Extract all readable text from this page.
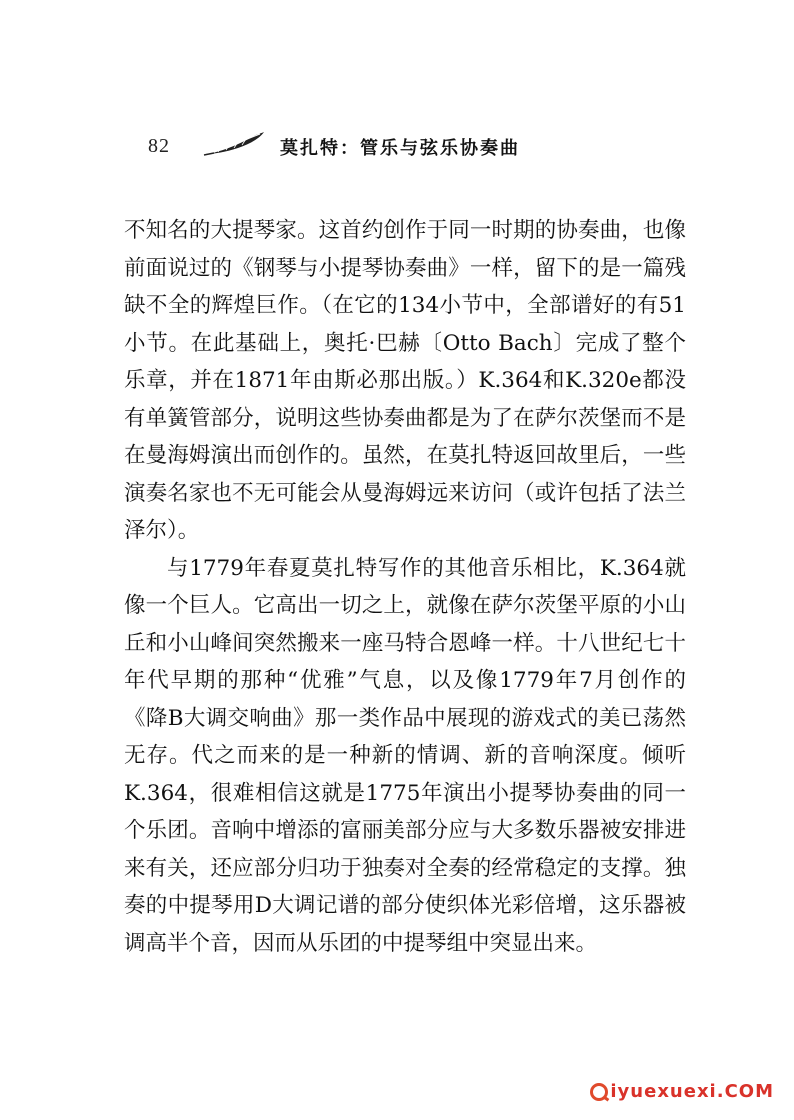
82	莫扎特：管乐与弦乐协奏曲

不知名的大提琴家。这首约创作于同一时期的协奏曲，也像前面说过的《钢琴与小提琴协奏曲》一样，留下的是一篇残缺不全的辉煌巨作。（在它的134小节中，全部谱好的有51小节。在此基础上，奥托·巴赫〔Otto Bach〕完成了整个乐章，并在1871年由斯必那出版。）K.364和K.320e都没有单簧管部分，说明这些协奏曲都是为了在萨尔茨堡而不是在曼海姆演出而创作的。虽然，在莫扎特返回故里后，一些演奏名家也不无可能会从曼海姆远来访问（或许包括了法兰泽尔）。

与1779年春夏莫扎特写作的其他音乐相比，K.364就像一个巨人。它高出一切之上，就像在萨尔茨堡平原的小山丘和小山峰间突然搬来一座马特合恩峰一样。十八世纪七十年代早期的那种“优雅”气息，以及像1779年7月创作的《降B大调交响曲》那一类作品中展现的游戏式的美已荡然无存。代之而来的是一种新的情调、新的音响深度。倾听K.364，很难相信这就是1775年演出小提琴协奏曲的同一个乐团。音响中增添的富丽美部分应与大多数乐器被安排进来有关，还应部分归功于独奏对全奏的经常稳定的支撑。独奏的中提琴用D大调记谱的部分使织体光彩倍增，这乐器被调高半个音，因而从乐团的中提琴组中突显出来。

iyuexuexi.COM
